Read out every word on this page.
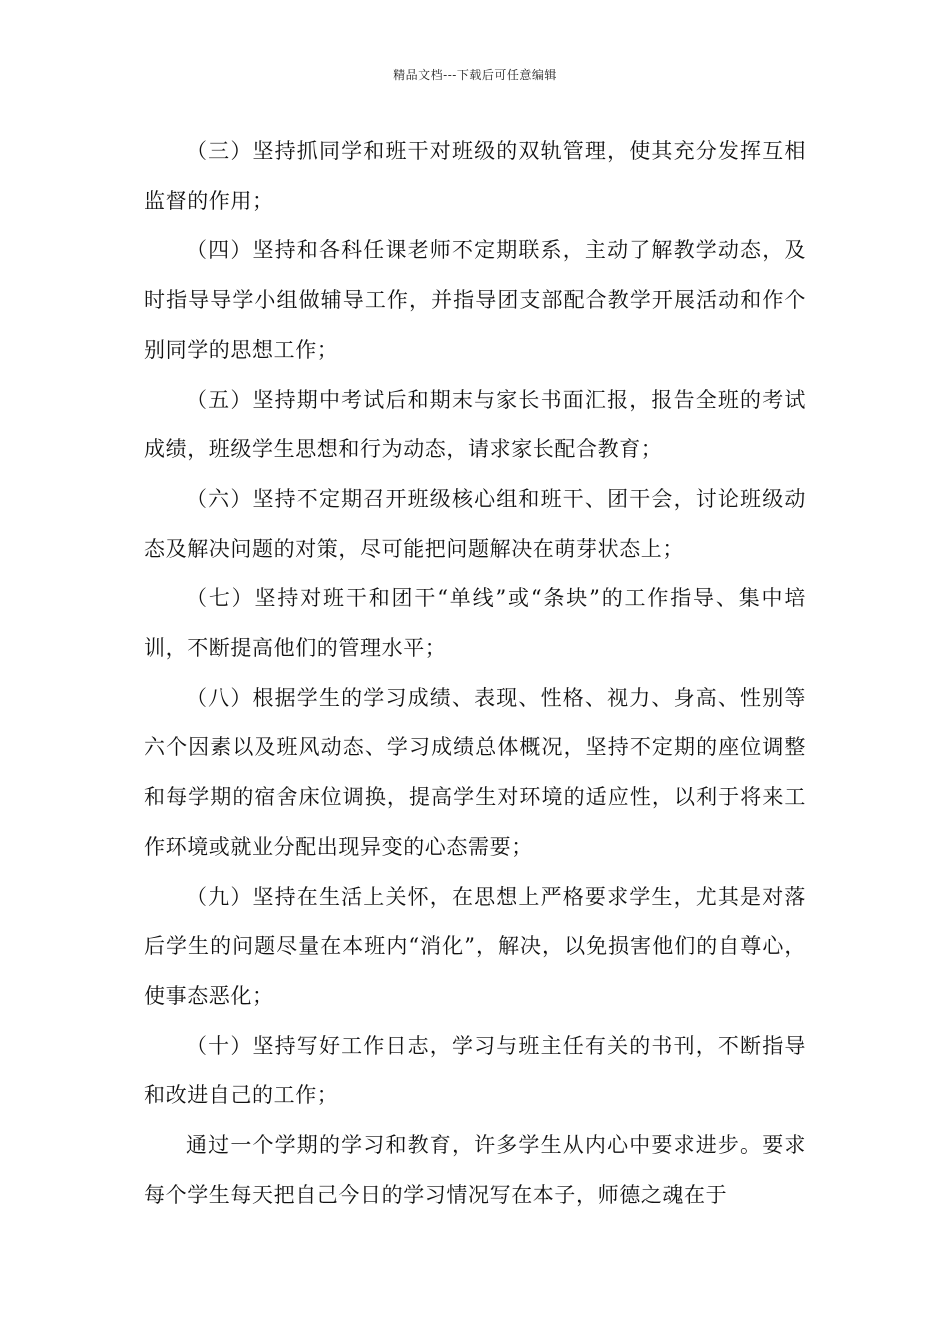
精品文档---下载后可任意编辑

（三）坚持抓同学和班干对班级的双轨管理，使其充分发挥互相监督的作用；

（四）坚持和各科任课老师不定期联系，主动了解教学动态，及时指导导学小组做辅导工作，并指导团支部配合教学开展活动和作个别同学的思想工作；

（五）坚持期中考试后和期末与家长书面汇报，报告全班的考试成绩，班级学生思想和行为动态，请求家长配合教育；

（六）坚持不定期召开班级核心组和班干、团干会，讨论班级动态及解决问题的对策，尽可能把问题解决在萌芽状态上；

（七）坚持对班干和团干“单线”或“条块”的工作指导、集中培训，不断提高他们的管理水平；

（八）根据学生的学习成绩、表现、性格、视力、身高、性别等六个因素以及班风动态、学习成绩总体概况，坚持不定期的座位调整和每学期的宿舍床位调换，提高学生对环境的适应性，以利于将来工作环境或就业分配出现异变的心态需要；

（九）坚持在生活上关怀，在思想上严格要求学生，尤其是对落后学生的问题尽量在本班内“消化”，解决，以免损害他们的自尊心，使事态恶化；

（十）坚持写好工作日志，学习与班主任有关的书刊，不断指导和改进自己的工作；

通过一个学期的学习和教育，许多学生从内心中要求进步。要求每个学生每天把自己今日的学习情况写在本子，师德之魂在于
